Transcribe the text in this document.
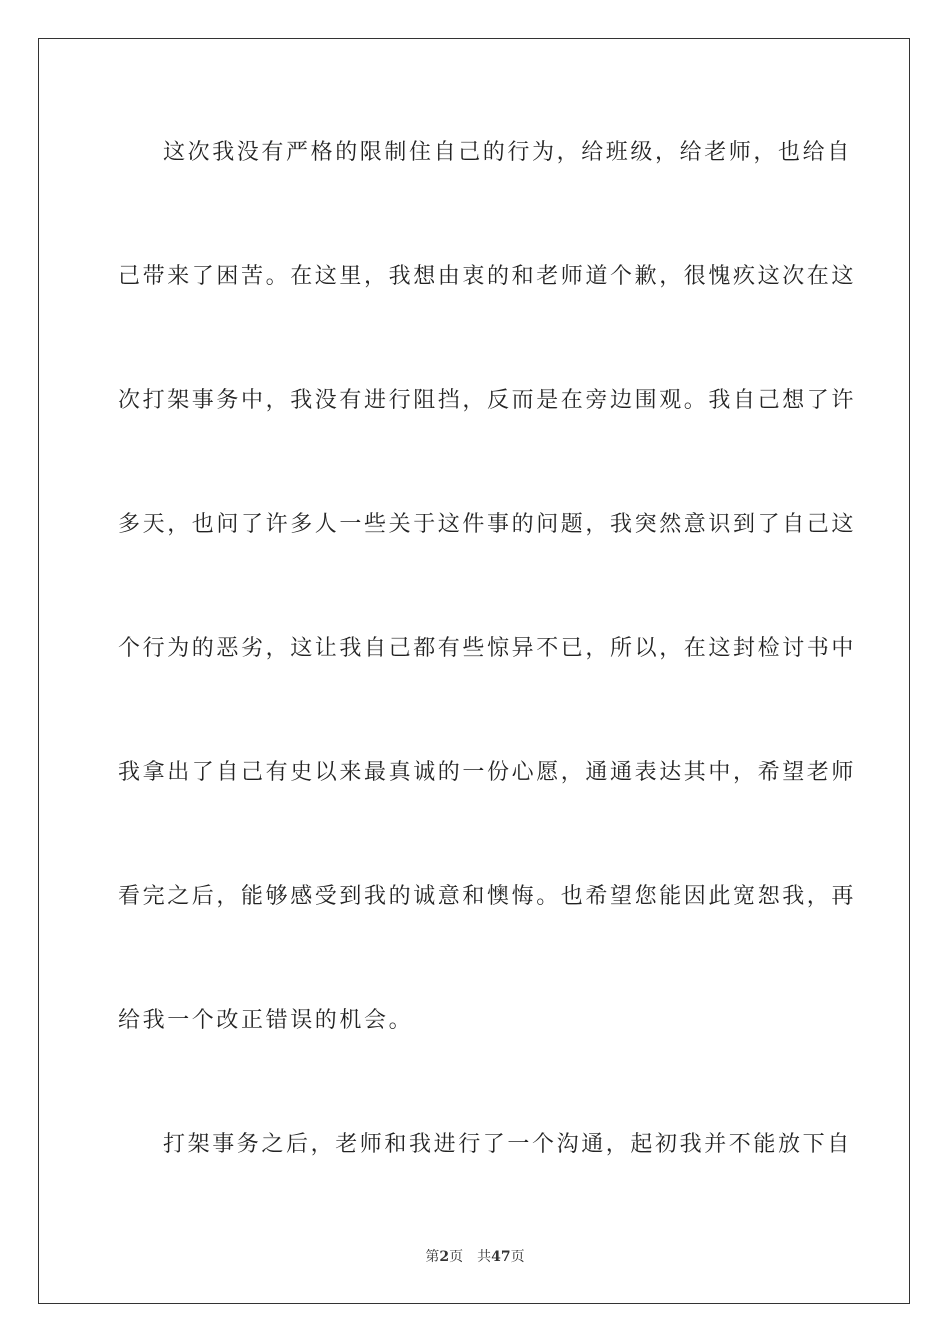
这次我没有严格的限制住自己的行为，给班级，给老师，也给自
己带来了困苦。在这里，我想由衷的和老师道个歉，很愧疚这次在这
次打架事务中，我没有进行阻挡，反而是在旁边围观。我自己想了许
多天，也问了许多人一些关于这件事的问题，我突然意识到了自己这
个行为的恶劣，这让我自己都有些惊异不已，所以，在这封检讨书中
我拿出了自己有史以来最真诚的一份心愿，通通表达其中，希望老师
看完之后，能够感受到我的诚意和懊悔。也希望您能因此宽恕我，再
给我一个改正错误的机会。
打架事务之后，老师和我进行了一个沟通，起初我并不能放下自
第2页 共47页
